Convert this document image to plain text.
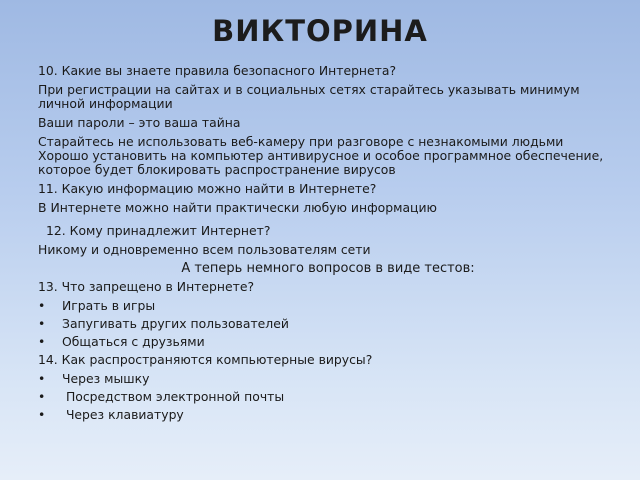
ВИКТОРИНА
10. Какие вы знаете правила безопасного Интернета?
При регистрации на сайтах и в социальных сетях старайтесь указывать минимум личной информации
Ваши пароли – это ваша тайна
Старайтесь не использовать веб-камеру при разговоре с незнакомыми людьми
Хорошо установить на компьютер антивирусное и особое программное обеспечение, которое будет блокировать распространение вирусов
11. Какую информацию можно найти в Интернете?
В Интернете можно найти практически любую информацию
12. Кому принадлежит Интернет?
Никому и одновременно всем пользователям сети
А теперь немного вопросов в виде тестов:
13. Что запрещено в Интернете?
•	Играть в игры
•	Запугивать других пользователей
•	Общаться с друзьями
14. Как распространяются компьютерные вирусы?
•	Через мышку
•	Посредством электронной почты
•	Через клавиатуру
